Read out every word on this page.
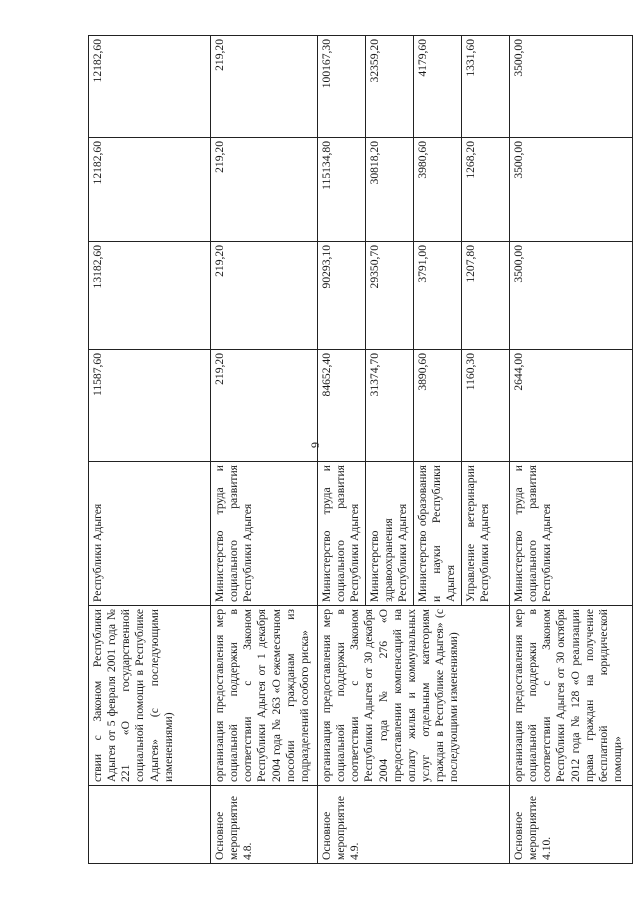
9
	ствии с Законом Республики Адыгея от 5 февраля 2001 года № 221 «О государственной социальной помощи в Республике Адыгея» (с последующими изменениями)	Республики Адыгея	11587,60	13182,60	12182,60	12182,60
Основное мероприятие 4.8.	организация предоставления мер социальной поддержки в соответствии с Законом Республики Адыгея от 1 декабря 2004 года № 263 «О ежемесячном пособии гражданам из подразделений особого риска»	Министерство труда и социального развития Республики Адыгея	219,20	219,20	219,20	219,20
Основное мероприятие 4.9.	организация предоставления мер социальной поддержки в соответствии с Законом Республики Адыгея от 30 декабря 2004 года № 276 «О предоставлении компенсаций на оплату жилья и коммунальных услуг отдельным категориям граждан в Республике Адыгея» (с последующими изменениями)	Министерство труда и социального развития Республики Адыгея	84652,40	90293,10	115134,80	100167,30
		Министерство здравоохранения Республики Адыгея	31374,70	29350,70	30818,20	32359,20
		Министерство образования и науки Республики Адыгея	3890,60	3791,00	3980,60	4179,60
		Управление ветеринарии Республики Адыгея	1160,30	1207,80	1268,20	1331,60
Основное мероприятие 4.10.	организация предоставления мер социальной поддержки в соответствии с Законом Республики Адыгея от 30 октября 2012 года № 128 «О реализации права граждан на получение бесплатной юридической помощи»	Министерство труда и социального развития Республики Адыгея	2644,00	3500,00	3500,00	3500,00
